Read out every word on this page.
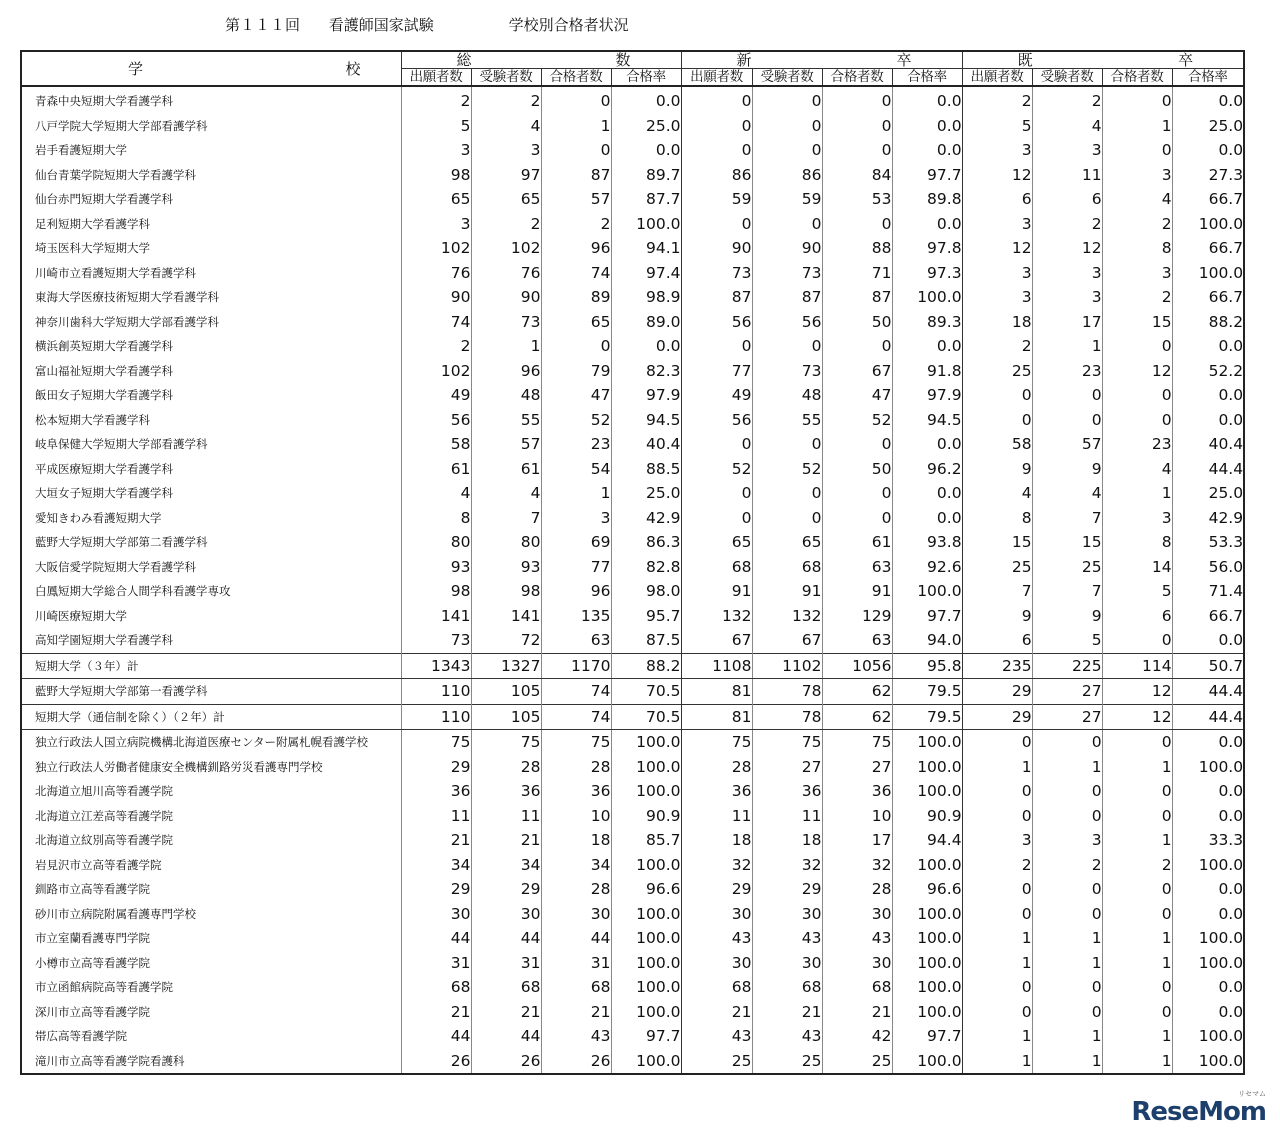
第１１１回 看護師国家試験	学校別合格者状況
学 校	総 数				新 卒				既 卒			

	出願者数	受験者数	合格者数	合格率	出願者数	受験者数	合格者数	合格率	出願者数	受験者数	合格者数	合格率
青森中央短期大学看護学科	2	2	0	0.0	0	0	0	0.0	2	2	0	0.0
八戸学院大学短期大学部看護学科	5	4	1	25.0	0	0	0	0.0	5	4	1	25.0
岩手看護短期大学	3	3	0	0.0	0	0	0	0.0	3	3	0	0.0
仙台青葉学院短期大学看護学科	98	97	87	89.7	86	86	84	97.7	12	11	3	27.3
仙台赤門短期大学看護学科	65	65	57	87.7	59	59	53	89.8	6	6	4	66.7
足利短期大学看護学科	3	2	2	100.0	0	0	0	0.0	3	2	2	100.0
埼玉医科大学短期大学	102	102	96	94.1	90	90	88	97.8	12	12	8	66.7
川崎市立看護短期大学看護学科	76	76	74	97.4	73	73	71	97.3	3	3	3	100.0
東海大学医療技術短期大学看護学科	90	90	89	98.9	87	87	87	100.0	3	3	2	66.7
神奈川歯科大学短期大学部看護学科	74	73	65	89.0	56	56	50	89.3	18	17	15	88.2
横浜創英短期大学看護学科	2	1	0	0.0	0	0	0	0.0	2	1	0	0.0
富山福祉短期大学看護学科	102	96	79	82.3	77	73	67	91.8	25	23	12	52.2
飯田女子短期大学看護学科	49	48	47	97.9	49	48	47	97.9	0	0	0	0.0
松本短期大学看護学科	56	55	52	94.5	56	55	52	94.5	0	0	0	0.0
岐阜保健大学短期大学部看護学科	58	57	23	40.4	0	0	0	0.0	58	57	23	40.4
平成医療短期大学看護学科	61	61	54	88.5	52	52	50	96.2	9	9	4	44.4
大垣女子短期大学看護学科	4	4	1	25.0	0	0	0	0.0	4	4	1	25.0
愛知きわみ看護短期大学	8	7	3	42.9	0	0	0	0.0	8	7	3	42.9
藍野大学短期大学部第二看護学科	80	80	69	86.3	65	65	61	93.8	15	15	8	53.3
大阪信愛学院短期大学看護学科	93	93	77	82.8	68	68	63	92.6	25	25	14	56.0
白鳳短期大学総合人間学科看護学専攻	98	98	96	98.0	91	91	91	100.0	7	7	5	71.4
川崎医療短期大学	141	141	135	95.7	132	132	129	97.7	9	9	6	66.7
高知学園短期大学看護学科	73	72	63	87.5	67	67	63	94.0	6	5	0	0.0
短期大学（３年）計	1343	1327	1170	88.2	1108	1102	1056	95.8	235	225	114	50.7
藍野大学短期大学部第一看護学科	110	105	74	70.5	81	78	62	79.5	29	27	12	44.4
短期大学（通信制を除く）（２年）計	110	105	74	70.5	81	78	62	79.5	29	27	12	44.4
独立行政法人国立病院機構北海道医療センター附属札幌看護学校	75	75	75	100.0	75	75	75	100.0	0	0	0	0.0
独立行政法人労働者健康安全機構釧路労災看護専門学校	29	28	28	100.0	28	27	27	100.0	1	1	1	100.0
北海道立旭川高等看護学院	36	36	36	100.0	36	36	36	100.0	0	0	0	0.0
北海道立江差高等看護学院	11	11	10	90.9	11	11	10	90.9	0	0	0	0.0
北海道立紋別高等看護学院	21	21	18	85.7	18	18	17	94.4	3	3	1	33.3
岩見沢市立高等看護学院	34	34	34	100.0	32	32	32	100.0	2	2	2	100.0
釧路市立高等看護学院	29	29	28	96.6	29	29	28	96.6	0	0	0	0.0
砂川市立病院附属看護専門学校	30	30	30	100.0	30	30	30	100.0	0	0	0	0.0
市立室蘭看護専門学院	44	44	44	100.0	43	43	43	100.0	1	1	1	100.0
小樽市立高等看護学院	31	31	31	100.0	30	30	30	100.0	1	1	1	100.0
市立函館病院高等看護学院	68	68	68	100.0	68	68	68	100.0	0	0	0	0.0
深川市立高等看護学院	21	21	21	100.0	21	21	21	100.0	0	0	0	0.0
帯広高等看護学院	44	44	43	97.7	43	43	42	97.7	1	1	1	100.0
滝川市立高等看護学院看護科	26	26	26	100.0	25	25	25	100.0	1	1	1	100.0
リセマム
ReseMom
